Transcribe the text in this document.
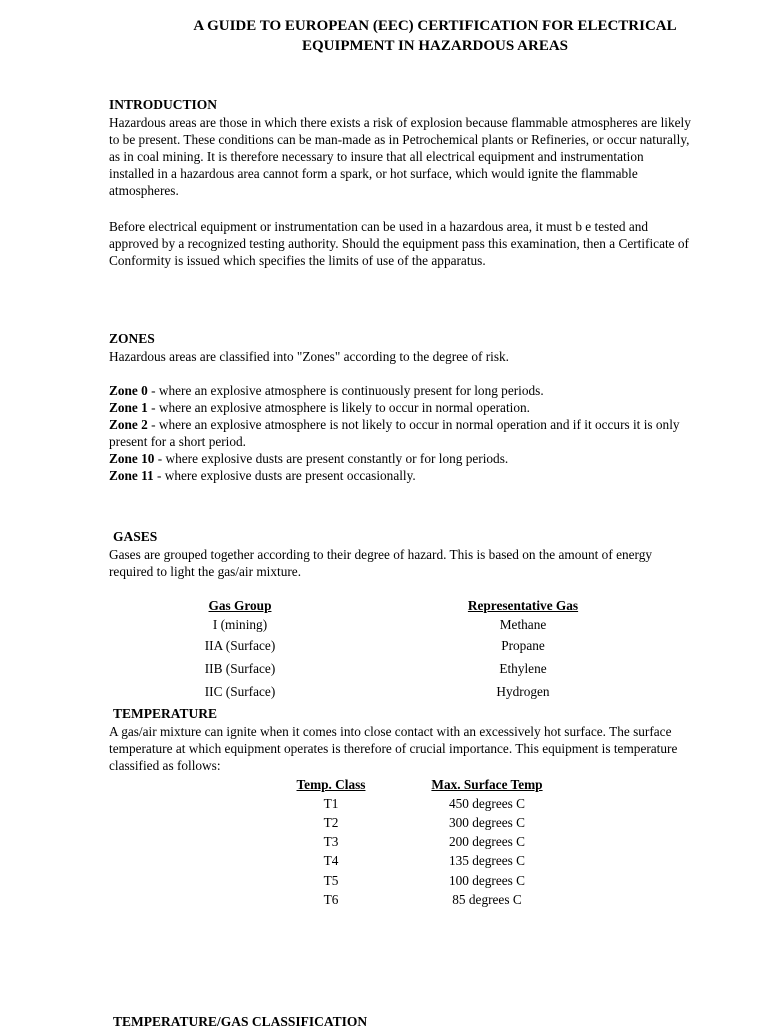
A GUIDE TO EUROPEAN (EEC) CERTIFICATION FOR ELECTRICAL
EQUIPMENT IN HAZARDOUS AREAS
INTRODUCTION
Hazardous areas are those in which there exists a risk of explosion because flammable atmospheres are likely
to be present. These conditions can be man-made as in Petrochemical plants or Refineries, or occur naturally,
as in coal mining. It is therefore necessary to insure that all electrical equipment and instrumentation
installed in a hazardous area cannot form a spark, or hot surface, which would ignite the flammable
atmospheres.
Before electrical equipment or instrumentation can be used in a hazardous area, it must b e tested and
approved by a recognized testing authority. Should the equipment pass this examination, then a Certificate of
Conformity is issued which specifies the limits of use of the apparatus.
ZONES
Hazardous areas are classified into "Zones" according to the degree of risk.
Zone 0 - where an explosive atmosphere is continuously present for long periods.
Zone 1 - where an explosive atmosphere is likely to occur in normal operation.
Zone 2 - where an explosive atmosphere is not likely to occur in normal operation and if it occurs it is only
present for a short period.
Zone 10 - where explosive dusts are present constantly or for long periods.
Zone 11 - where explosive dusts are present occasionally.
GASES
Gases are grouped together according to their degree of hazard. This is based on the amount of energy
required to light the gas/air mixture.
Gas Group	Representative Gas
I (mining)	Methane
IIA (Surface)	Propane
IIB (Surface)	Ethylene
IIC (Surface)	Hydrogen
TEMPERATURE
A gas/air mixture can ignite when it comes into close contact with an excessively hot surface. The surface
temperature at which equipment operates is therefore of crucial importance. This equipment is temperature
classified as follows:
Temp. Class	Max. Surface Temp
T1	450 degrees C
T2	300 degrees C
T3	200 degrees C
T4	135 degrees C
T5	100 degrees C
T6	85 degrees C
TEMPERATURE/GAS CLASSIFICATION
